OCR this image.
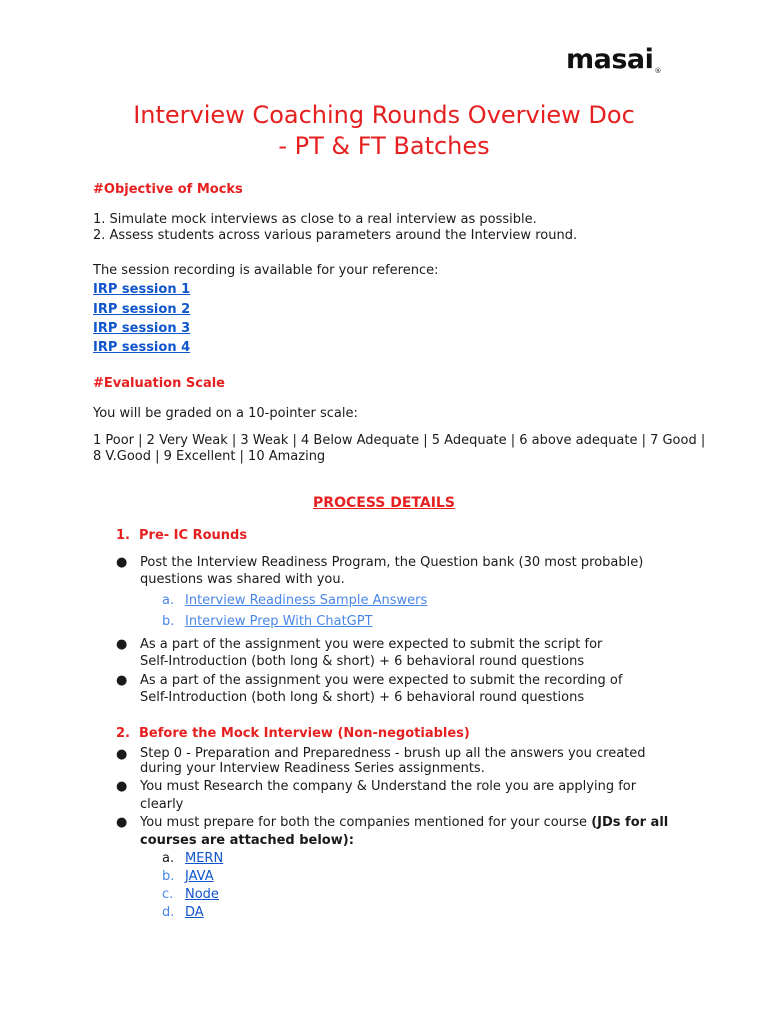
masai®
Interview Coaching Rounds Overview Doc
- PT & FT Batches
#Objective of Mocks
1. Simulate mock interviews as close to a real interview as possible.
2. Assess students across various parameters around the Interview round.
The session recording is available for your reference:
IRP session 1
IRP session 2
IRP session 3
IRP session 4
#Evaluation Scale
You will be graded on a 10-pointer scale:
1 Poor | 2 Very Weak | 3 Weak | 4 Below Adequate | 5 Adequate | 6 above adequate | 7 Good |
8 V.Good | 9 Excellent | 10 Amazing
PROCESS DETAILS
1. Pre- IC Rounds
● Post the Interview Readiness Program, the Question bank (30 most probable)
questions was shared with you.
a. Interview Readiness Sample Answers
b. Interview Prep With ChatGPT
● As a part of the assignment you were expected to submit the script for
Self-Introduction (both long & short) + 6 behavioral round questions
● As a part of the assignment you were expected to submit the recording of
Self-Introduction (both long & short) + 6 behavioral round questions
2. Before the Mock Interview (Non-negotiables)
● Step 0 - Preparation and Preparedness - brush up all the answers you created
during your Interview Readiness Series assignments.
● You must Research the company & Understand the role you are applying for
clearly
● You must prepare for both the companies mentioned for your course (JDs for all
courses are attached below):
a. MERN
b. JAVA
c. Node
d. DA
